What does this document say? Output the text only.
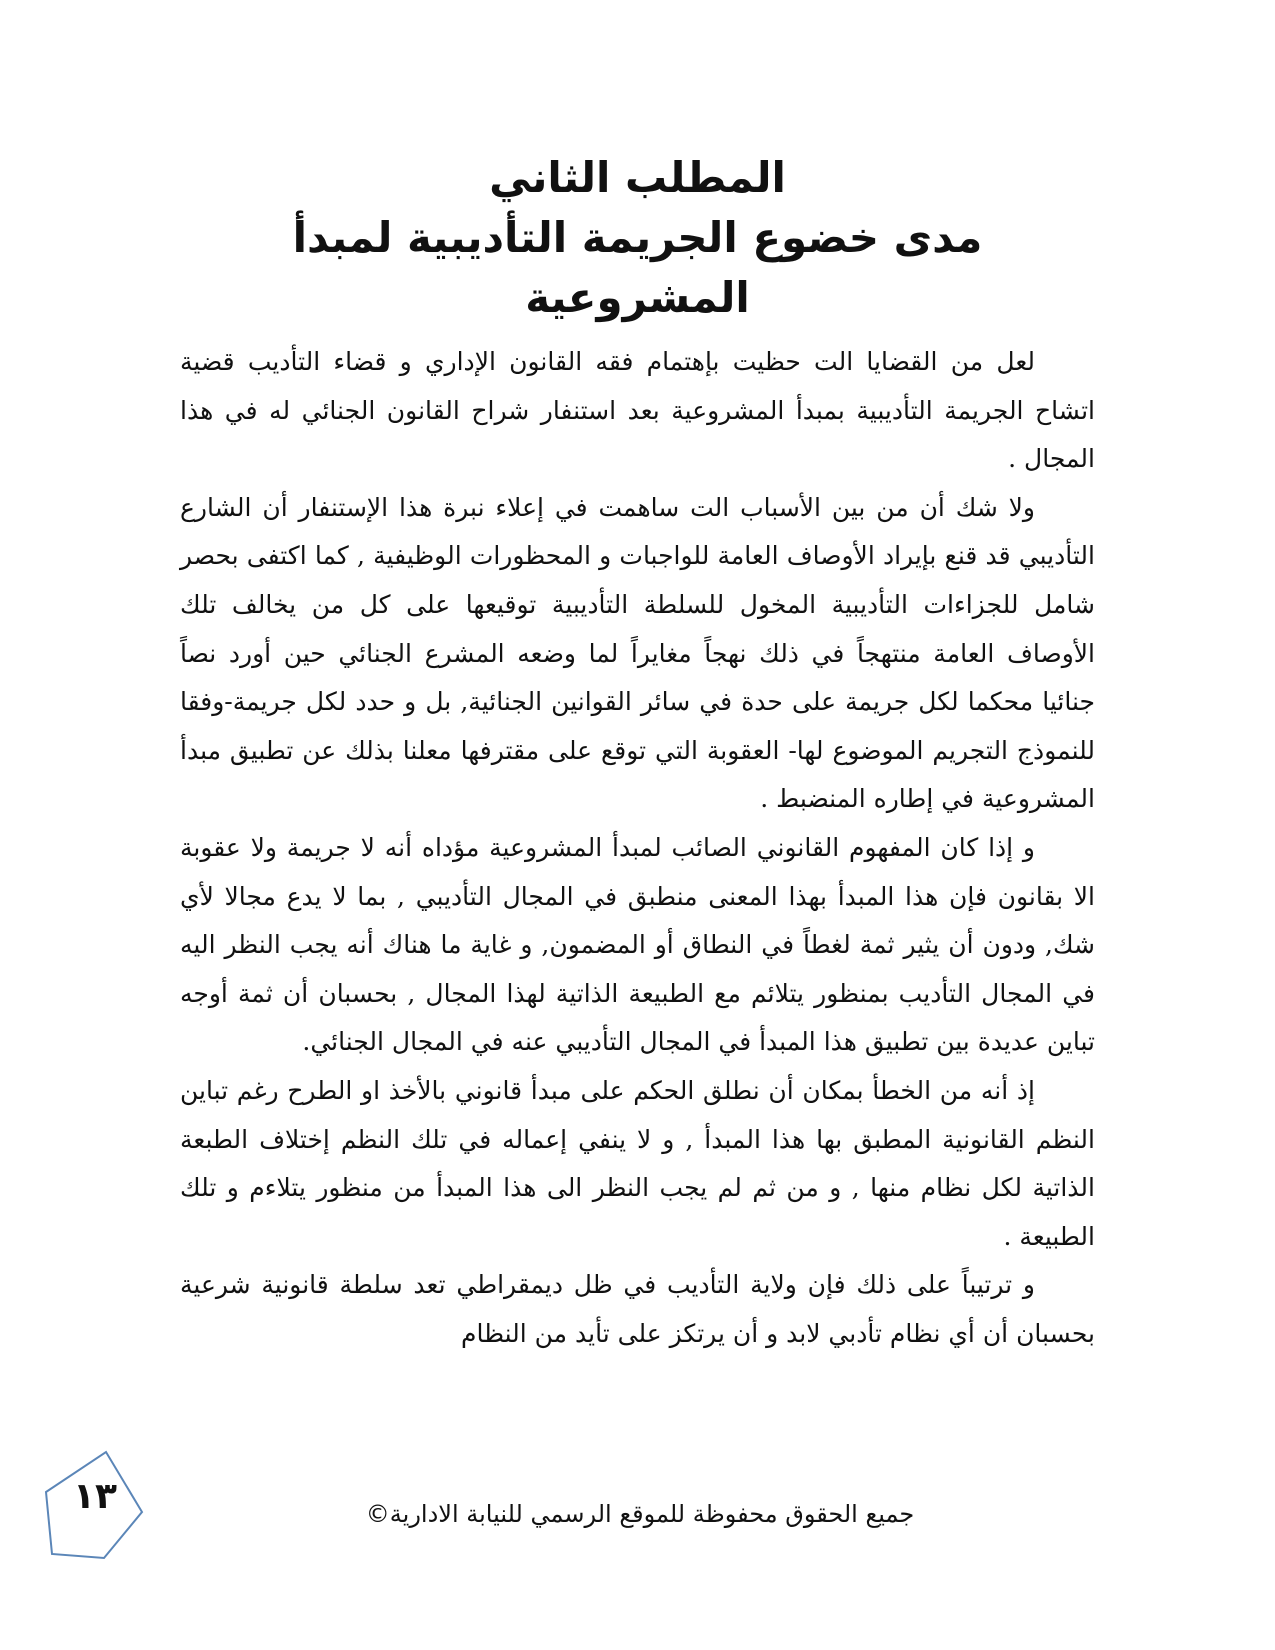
المطلب الثاني

مدى خضوع الجريمة التأديبية لمبدأ

المشروعية

لعل من القضايا الت حظيت بإهتمام فقه القانون الإداري و قضاء التأديب قضية اتشاح الجريمة التأديبية بمبدأ المشروعية بعد استنفار شراح القانون الجنائي له في هذا المجال .

ولا شك أن من بين الأسباب الت ساهمت في إعلاء نبرة هذا الإستنفار أن الشارع التأديبي قد قنع بإيراد الأوصاف العامة للواجبات و المحظورات الوظيفية , كما اكتفى بحصر شامل للجزاءات التأديبية المخول للسلطة التأديبية توقيعها على كل من يخالف تلك الأوصاف العامة منتهجاً في ذلك نهجاً مغايراً لما وضعه المشرع الجنائي حين أورد نصاً جنائيا محكما لكل جريمة على حدة في سائر القوانين الجنائية, بل و حدد لكل جريمة-وفقا للنموذج التجريم الموضوع لها- العقوبة التي توقع على مقترفها معلنا بذلك عن تطبيق مبدأ المشروعية في إطاره المنضبط .

و إذا كان المفهوم القانوني الصائب لمبدأ المشروعية مؤداه أنه لا جريمة ولا عقوبة الا بقانون فإن هذا المبدأ بهذا المعنى منطبق في المجال التأديبي , بما لا يدع مجالا لأي شك, ودون أن يثير ثمة لغطاً في النطاق أو المضمون, و غاية ما هناك أنه يجب النظر اليه في المجال التأديب بمنظور يتلائم مع الطبيعة الذاتية لهذا المجال , بحسبان أن ثمة أوجه تباين عديدة بين تطبيق هذا المبدأ في المجال التأديبي عنه في المجال الجنائي.

إذ أنه من الخطأ بمكان أن نطلق الحكم على مبدأ قانوني بالأخذ او الطرح رغم تباين النظم القانونية المطبق بها هذا المبدأ , و لا ينفي إعماله في تلك النظم إختلاف الطبعة الذاتية لكل نظام منها , و من ثم لم يجب النظر الى هذا المبدأ من منظور يتلاءم و تلك الطبيعة .

و ترتيباً على ذلك فإن ولاية التأديب في ظل ديمقراطي تعد سلطة قانونية شرعية بحسبان أن أي نظام تأدبي لابد و أن يرتكز على تأيد من النظام

١٣	جميع الحقوق محفوظة للموقع الرسمي للنيابة الادارية©
